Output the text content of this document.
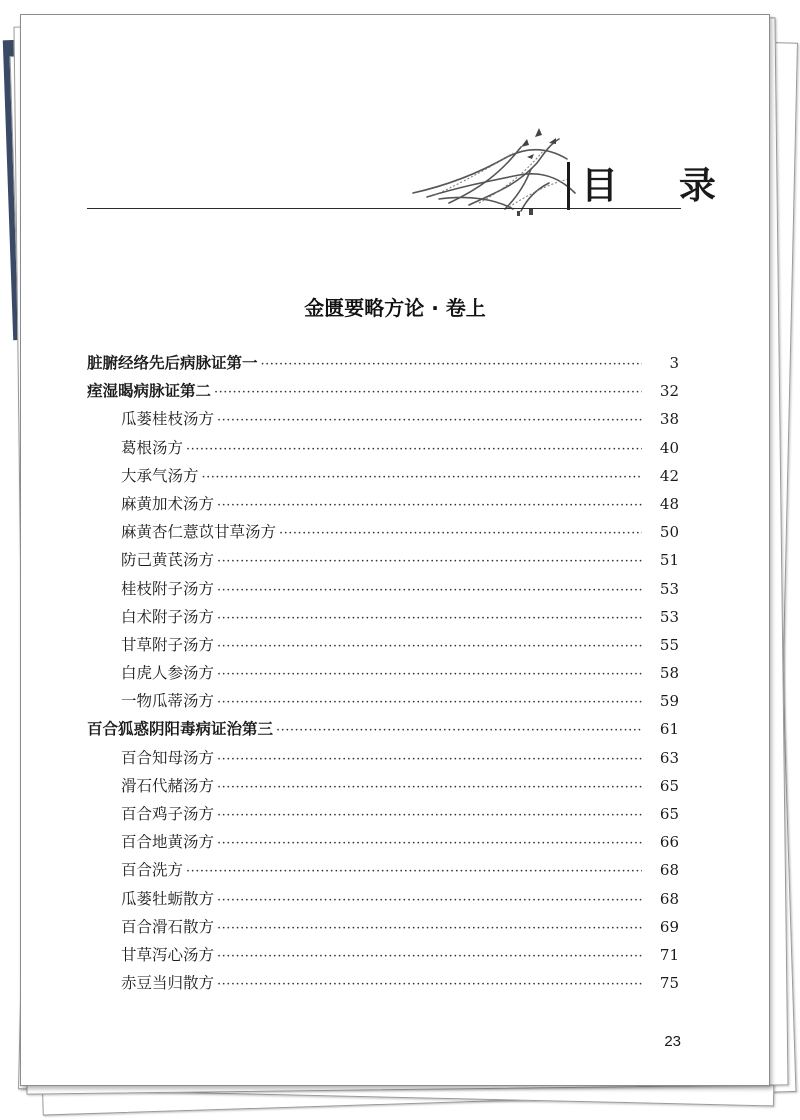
目 录
金匮要略方论 · 卷上
脏腑经络先后病脉证第一 ·····	3
痓湿暍病脉证第二 ·····	32
瓜蒌桂枝汤方 ·····	38
葛根汤方 ·····	40
大承气汤方 ·····	42
麻黄加术汤方 ·····	48
麻黄杏仁薏苡甘草汤方 ·····	50
防己黄芪汤方 ·····	51
桂枝附子汤方 ·····	53
白术附子汤方 ·····	53
甘草附子汤方 ·····	55
白虎人参汤方 ·····	58
一物瓜蒂汤方 ·····	59
百合狐惑阴阳毒病证治第三 ·····	61
百合知母汤方 ·····	63
滑石代赭汤方 ·····	65
百合鸡子汤方 ·····	65
百合地黄汤方 ·····	66
百合洗方 ·····	68
瓜蒌牡蛎散方 ·····	68
百合滑石散方 ·····	69
甘草泻心汤方 ·····	71
赤豆当归散方 ·····	75
23
